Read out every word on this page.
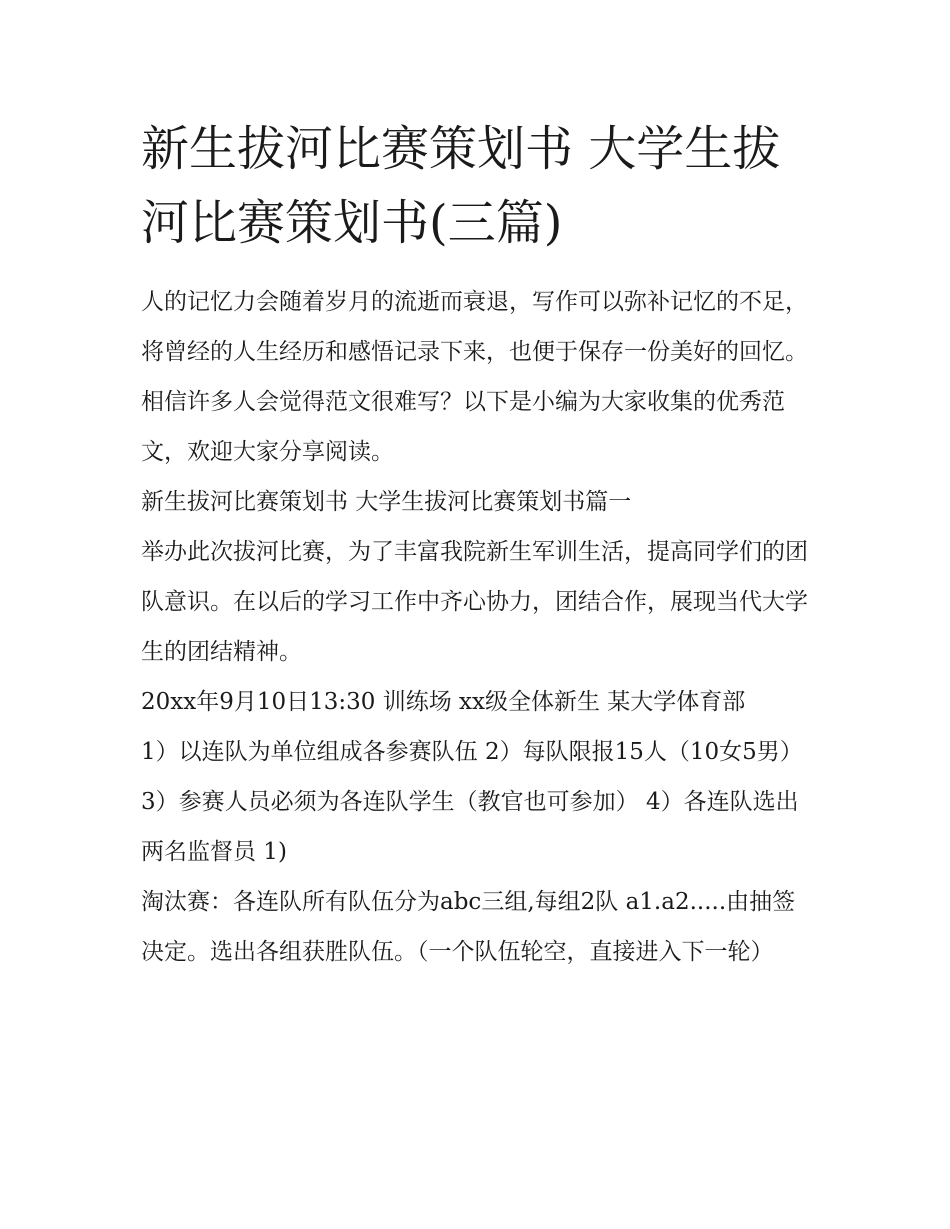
新生拔河比赛策划书 大学生拔河比赛策划书(三篇)

人的记忆力会随着岁月的流逝而衰退，写作可以弥补记忆的不足，将曾经的人生经历和感悟记录下来，也便于保存一份美好的回忆。相信许多人会觉得范文很难写？以下是小编为大家收集的优秀范文，欢迎大家分享阅读。

新生拔河比赛策划书 大学生拔河比赛策划书篇一

举办此次拔河比赛，为了丰富我院新生军训生活，提高同学们的团队意识。在以后的学习工作中齐心协力，团结合作，展现当代大学生的团结精神。

20xx年9月10日13:30 训练场 xx级全体新生 某大学体育部

1）以连队为单位组成各参赛队伍 2）每队限报15人（10女5男）

3）参赛人员必须为各连队学生（教官也可参加） 4）各连队选出两名监督员 1)

淘汰赛：各连队所有队伍分为abc三组,每组2队 a1.a2.....由抽签决定。选出各组获胜队伍。（一个队伍轮空，直接进入下一轮）
